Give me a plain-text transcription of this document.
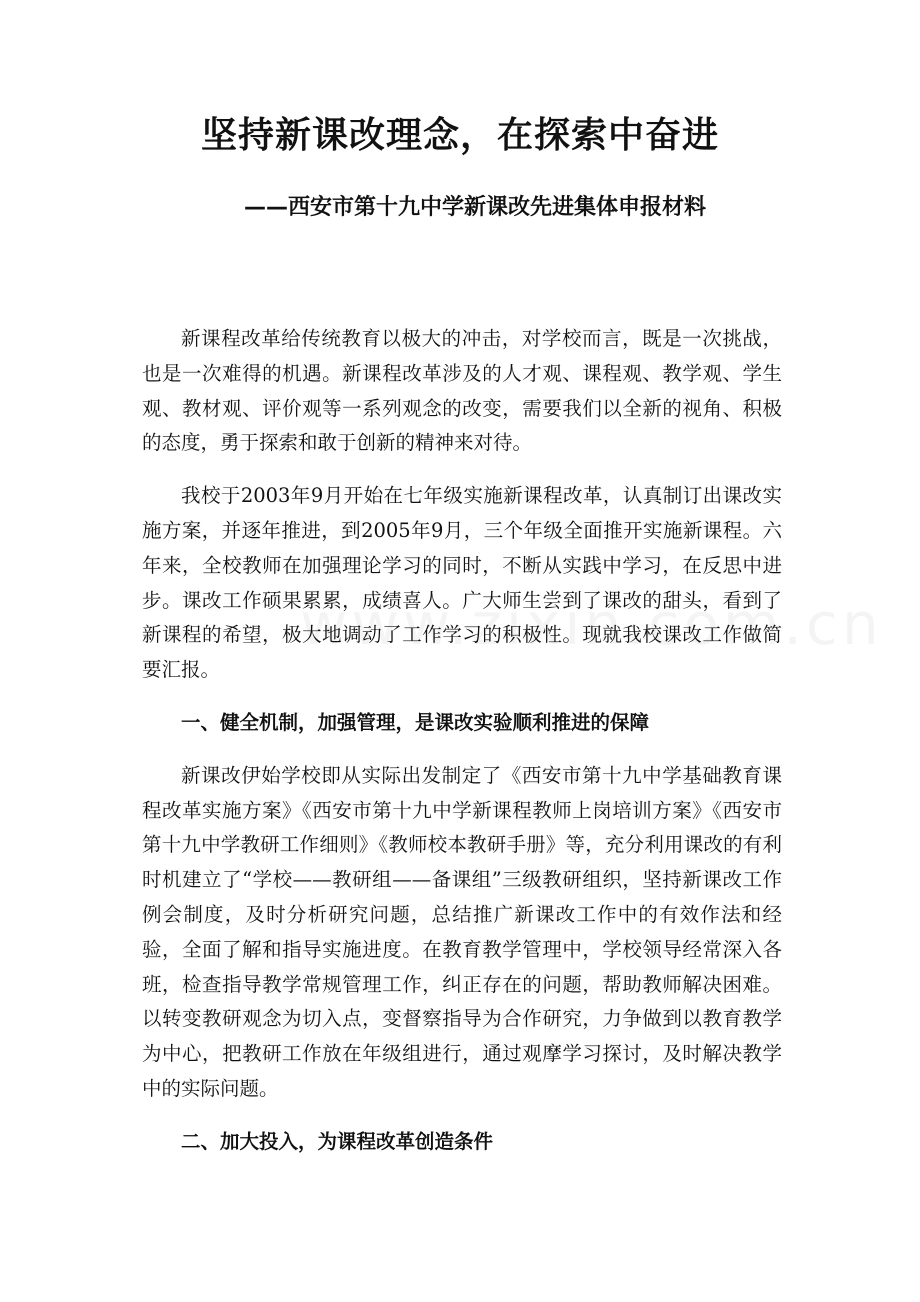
坚持新课改理念，在探索中奋进
——西安市第十九中学新课改先进集体申报材料

新课程改革给传统教育以极大的冲击，对学校而言，既是一次挑战，也是一次难得的机遇。新课程改革涉及的人才观、课程观、教学观、学生观、教材观、评价观等一系列观念的改变，需要我们以全新的视角、积极的态度，勇于探索和敢于创新的精神来对待。

我校于2003年9月开始在七年级实施新课程改革，认真制订出课改实施方案，并逐年推进，到2005年9月，三个年级全面推开实施新课程。六年来，全校教师在加强理论学习的同时，不断从实践中学习，在反思中进步。课改工作硕果累累，成绩喜人。广大师生尝到了课改的甜头，看到了新课程的希望，极大地调动了工作学习的积极性。现就我校课改工作做简要汇报。

一、健全机制，加强管理，是课改实验顺利推进的保障

新课改伊始学校即从实际出发制定了《西安市第十九中学基础教育课程改革实施方案》《西安市第十九中学新课程教师上岗培训方案》《西安市第十九中学教研工作细则》《教师校本教研手册》等，充分利用课改的有利时机建立了“学校——教研组——备课组”三级教研组织，坚持新课改工作例会制度，及时分析研究问题，总结推广新课改工作中的有效作法和经验，全面了解和指导实施进度。在教育教学管理中，学校领导经常深入各班，检查指导教学常规管理工作，纠正存在的问题，帮助教师解决困难。以转变教研观念为切入点，变督察指导为合作研究，力争做到以教育教学为中心，把教研工作放在年级组进行，通过观摩学习探讨，及时解决教学中的实际问题。

二、加大投入，为课程改革创造条件
